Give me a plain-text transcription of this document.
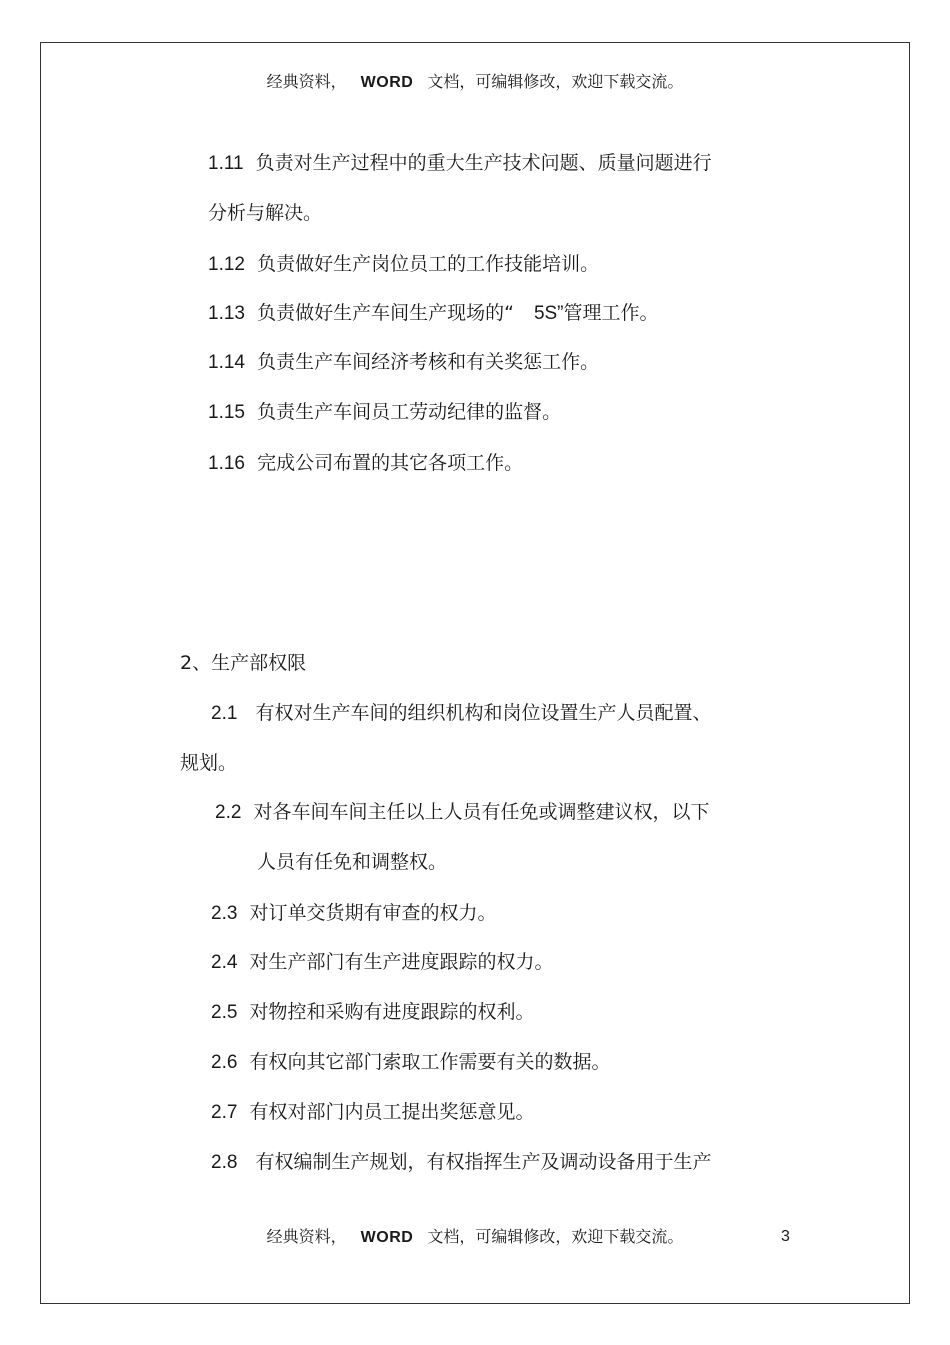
经典资料， WORD 文档，可编辑修改，欢迎下载交流。
1.11 负责对生产过程中的重大生产技术问题、质量问题进行
分析与解决。
1.12 负责做好生产岗位员工的工作技能培训。
1.13 负责做好生产车间生产现场的“ 5S”管理工作。
1.14 负责生产车间经济考核和有关奖惩工作。
1.15 负责生产车间员工劳动纪律的监督。
1.16 完成公司布置的其它各项工作。
2、生产部权限
2.1 有权对生产车间的组织机构和岗位设置生产人员配置、
规划。
2.2 对各车间车间主任以上人员有任免或调整建议权，以下
人员有任免和调整权。
2.3 对订单交货期有审查的权力。
2.4 对生产部门有生产进度跟踪的权力。
2.5 对物控和采购有进度跟踪的权利。
2.6 有权向其它部门索取工作需要有关的数据。
2.7 有权对部门内员工提出奖惩意见。
2.8 有权编制生产规划，有权指挥生产及调动设备用于生产
经典资料， WORD 文档，可编辑修改，欢迎下载交流。	3
